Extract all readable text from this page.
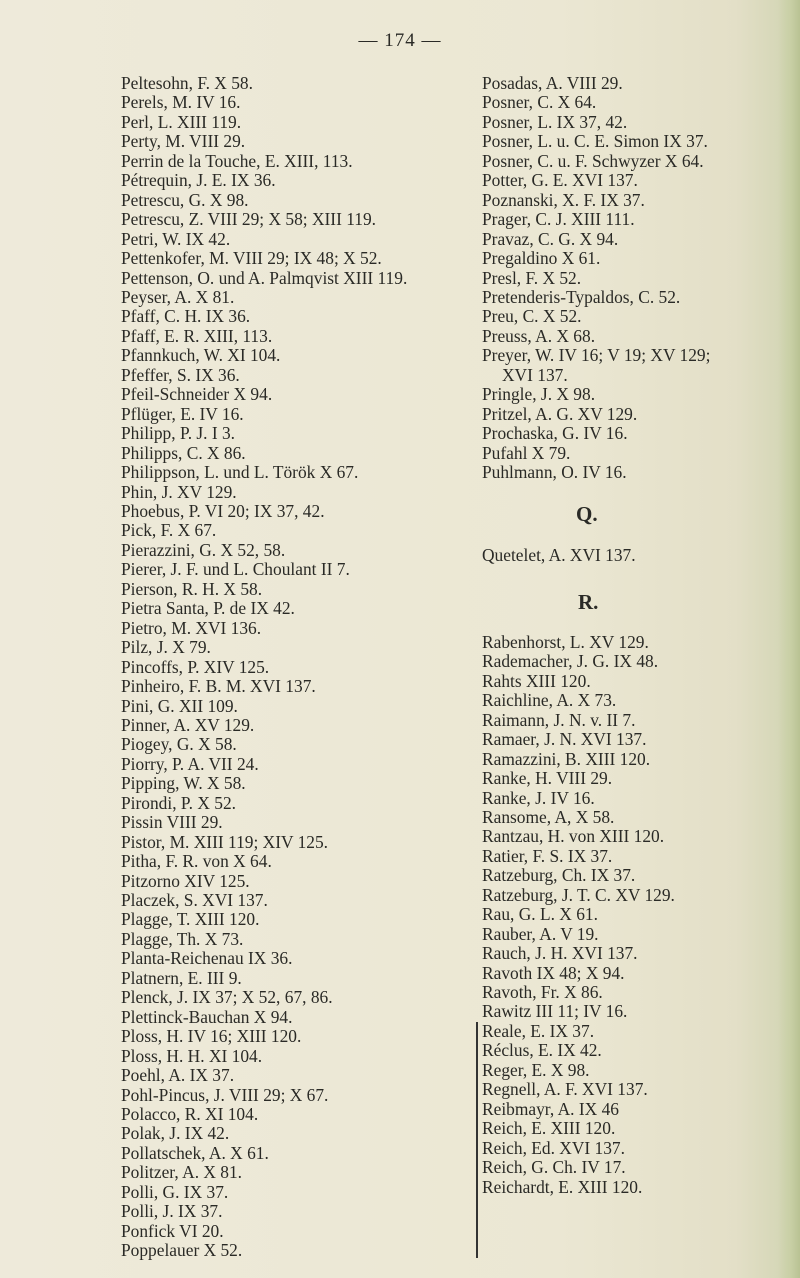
— 174 —
Peltesohn, F. X 58.
Perels, M. IV 16.
Perl, L. XIII 119.
Perty, M. VIII 29.
Perrin de la Touche, E. XIII, 113.
Pétrequin, J. E. IX 36.
Petrescu, G. X 98.
Petrescu, Z. VIII 29; X 58; XIII 119.
Petri, W. IX 42.
Pettenkofer, M. VIII 29; IX 48; X 52.
Pettenson, O. und A. Palmqvist XIII 119.
Peyser, A. X 81.
Pfaff, C. H. IX 36.
Pfaff, E. R. XIII, 113.
Pfannkuch, W. XI 104.
Pfeffer, S. IX 36.
Pfeil-Schneider X 94.
Pflüger, E. IV 16.
Philipp, P. J. I 3.
Philipps, C. X 86.
Philippson, L. und L. Török X 67.
Phin, J. XV 129.
Phoebus, P. VI 20; IX 37, 42.
Pick, F. X 67.
Pierazzini, G. X 52, 58.
Pierer, J. F. und L. Choulant II 7.
Pierson, R. H. X 58.
Pietra Santa, P. de IX 42.
Pietro, M. XVI 136.
Pilz, J. X 79.
Pincoffs, P. XIV 125.
Pinheiro, F. B. M. XVI 137.
Pini, G. XII 109.
Pinner, A. XV 129.
Piogey, G. X 58.
Piorry, P. A. VII 24.
Pipping, W. X 58.
Pirondi, P. X 52.
Pissin VIII 29.
Pistor, M. XIII 119; XIV 125.
Pitha, F. R. von X 64.
Pitzorno XIV 125.
Placzek, S. XVI 137.
Plagge, T. XIII 120.
Plagge, Th. X 73.
Planta-Reichenau IX 36.
Platnern, E. III 9.
Plenck, J. IX 37; X 52, 67, 86.
Plettinck-Bauchan X 94.
Ploss, H. IV 16; XIII 120.
Ploss, H. H. XI 104.
Poehl, A. IX 37.
Pohl-Pincus, J. VIII 29; X 67.
Polacco, R. XI 104.
Polak, J. IX 42.
Pollatschek, A. X 61.
Politzer, A. X 81.
Polli, G. IX 37.
Polli, J. IX 37.
Ponfick VI 20.
Poppelauer X 52.
Posadas, A. VIII 29.
Posner, C. X 64.
Posner, L. IX 37, 42.
Posner, L. u. C. E. Simon IX 37.
Posner, C. u. F. Schwyzer X 64.
Potter, G. E. XVI 137.
Poznanski, X. F. IX 37.
Prager, C. J. XIII 111.
Pravaz, C. G. X 94.
Pregaldino X 61.
Presl, F. X 52.
Pretenderis-Typaldos, C. 52.
Preu, C. X 52.
Preuss, A. X 68.
Preyer, W. IV 16; V 19; XV 129;
XVI 137.
Pringle, J. X 98.
Pritzel, A. G. XV 129.
Prochaska, G. IV 16.
Pufahl X 79.
Puhlmann, O. IV 16.
Q.
Quetelet, A. XVI 137.
R.
Rabenhorst, L. XV 129.
Rademacher, J. G. IX 48.
Rahts XIII 120.
Raichline, A. X 73.
Raimann, J. N. v. II 7.
Ramaer, J. N. XVI 137.
Ramazzini, B. XIII 120.
Ranke, H. VIII 29.
Ranke, J. IV 16.
Ransome, A, X 58.
Rantzau, H. von XIII 120.
Ratier, F. S. IX 37.
Ratzeburg, Ch. IX 37.
Ratzeburg, J. T. C. XV 129.
Rau, G. L. X 61.
Rauber, A. V 19.
Rauch, J. H. XVI 137.
Ravoth IX 48; X 94.
Ravoth, Fr. X 86.
Rawitz III 11; IV 16.
Reale, E. IX 37.
Réclus, E. IX 42.
Reger, E. X 98.
Regnell, A. F. XVI 137.
Reibmayr, A. IX 46
Reich, E. XIII 120.
Reich, Ed. XVI 137.
Reich, G. Ch. IV 17.
Reichardt, E. XIII 120.
